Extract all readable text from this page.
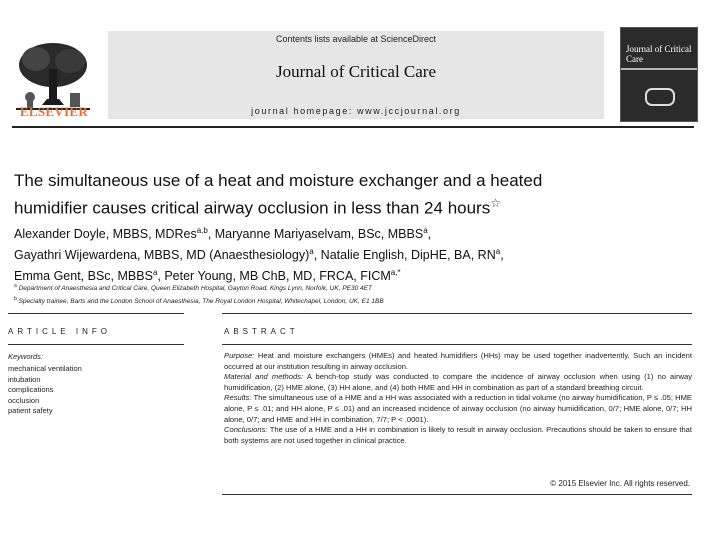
ELSEVIER
Contents lists available at ScienceDirect
Journal of Critical Care
journal homepage: www.jccjournal.org
Journal of Critical Care
The simultaneous use of a heat and moisture exchanger and a heated humidifier causes critical airway occlusion in less than 24 hours☆
Alexander Doyle, MBBS, MDRes$^{a,b}$, Maryanne Mariyaselvam, BSc, MBBS$^a$,
Gayathri Wijewardena, MBBS, MD (Anaesthesiology)$^a$, Natalie English, DipHE, BA, $RN^a$,
Emma Gent, BSc, MBBS$^a$, Peter Young, MB ChB, MD, FRCA, $FICM^{a,*}$
$^a$ Department of Anaesthesia and Critical Care, Queen Elizabeth Hospital, Gayton Road, Kings Lynn, Norfolk, UK, PE30 4ET
$^b$ Specialty trainee, Barts and the London School of Anaesthesia, The Royal London Hospital, Whitechapel, London, UK, E1 1BB
ARTICLE INFO	ABSTRACT
Keywords:
mechanical ventilation
intubation
complications
occlusion
patient safety
Purpose: Heat and moisture exchangers (HMEs) and heated humidifiers (HHs) may be used together inadvertently. Such an incident occurred at our institution resulting in airway occlusion.
Material and methods: A bench-top study was conducted to compare the incidence of airway occlusion when using (1) no airway humidification, (2) HME alone, (3) HH alone, and (4) both HME and HH in combination as part of a standard breathing circuit.
Results: The simultaneous use of a HME and a HH was associated with a reduction in tidal volume (no airway humidification, P ≤ .05; HME alone, P ≤ .01; and HH alone, P ≤ .01) and an increased incidence of airway occlusion (no airway humidification, 0/7; HME alone, 0/7; HH alone, 0/7; and HME and HH in combination, 7/7; P < .0001).
Conclusions: The use of a HME and a HH in combination is likely to result in airway occlusion. Precautions should be taken to ensure that both systems are not used together in clinical practice.
© 2015 Elsevier Inc. All rights reserved.
